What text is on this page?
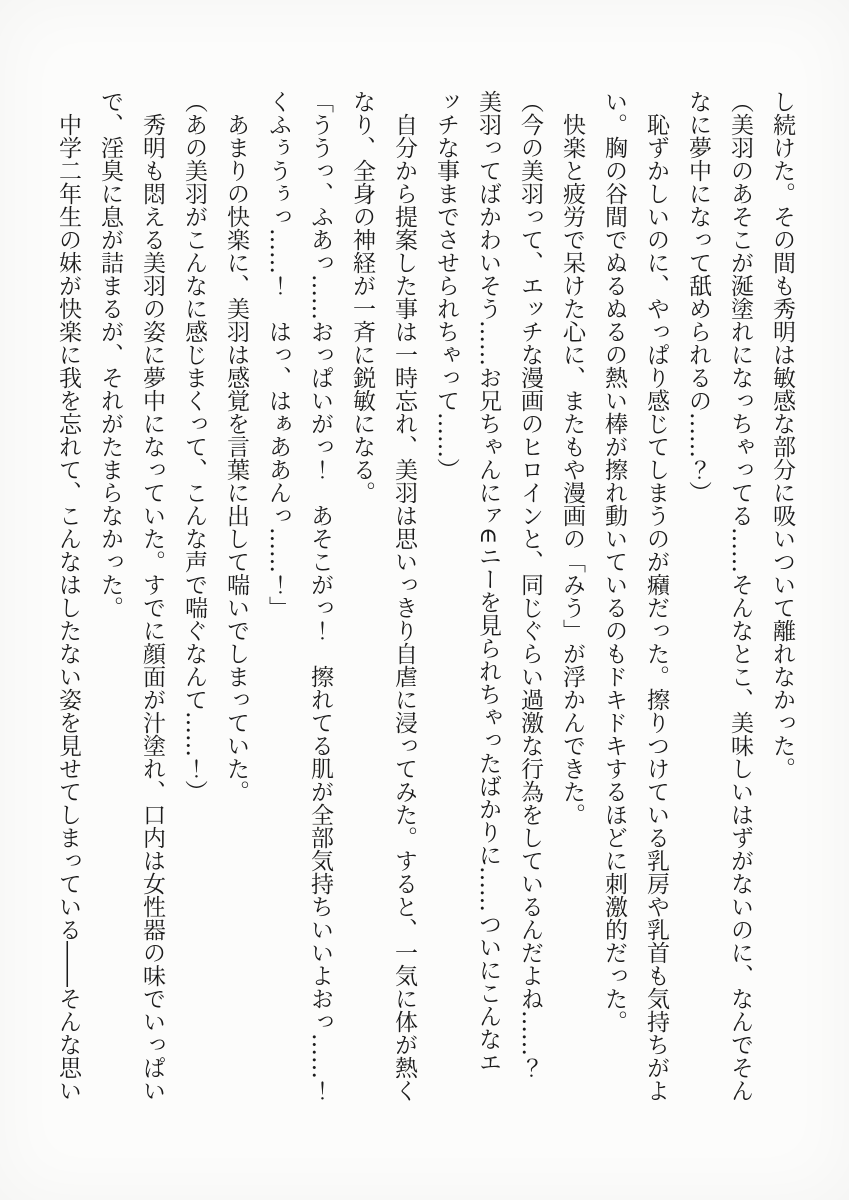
し続けた。その間も秀明は敏感な部分に吸いついて離れなかった。
（美羽のあそこが涎塗れになっちゃってる……そんなとこ、美味しいはずがないのに、なんでそん
なに夢中になって舐められるの……？）
　恥ずかしいのに、やっぱり感じてしまうのが癪だった。擦りつけている乳房や乳首も気持ちがよ
い。胸の谷間でぬるぬるの熱い棒が擦れ動いているのもドキドキするほどに刺激的だった。
　快楽と疲労で呆けた心に、またもや漫画の「みう」が浮かんできた。
（今の美羽って、エッチな漫画のヒロインと、同じぐらい過激な行為をしているんだよね……？
美羽ってばかわいそう……お兄ちゃんにァ∈ニーを見られちゃったばかりに……ついにこんなエ
ッチな事までさせられちゃって……）
　自分から提案した事は一時忘れ、美羽は思いっきり自虐に浸ってみた。すると、一気に体が熱く
なり、全身の神経が一斉に鋭敏になる。
「ううっ、ふあっ……おっぱいがっ！　あそこがっ！　擦れてる肌が全部気持ちいいよおっ……！
くふぅうぅっ……！　はっ、はぁああんっ……！」
　あまりの快楽に、美羽は感覚を言葉に出して喘いでしまっていた。
（あの美羽がこんなに感じまくって、こんな声で喘ぐなんて……！）
　秀明も悶える美羽の姿に夢中になっていた。すでに顔面が汁塗れ、口内は女性器の味でいっぱい
で、淫臭に息が詰まるが、それがたまらなかった。
　中学二年生の妹が快楽に我を忘れて、こんなはしたない姿を見せてしまっている――そんな思い
